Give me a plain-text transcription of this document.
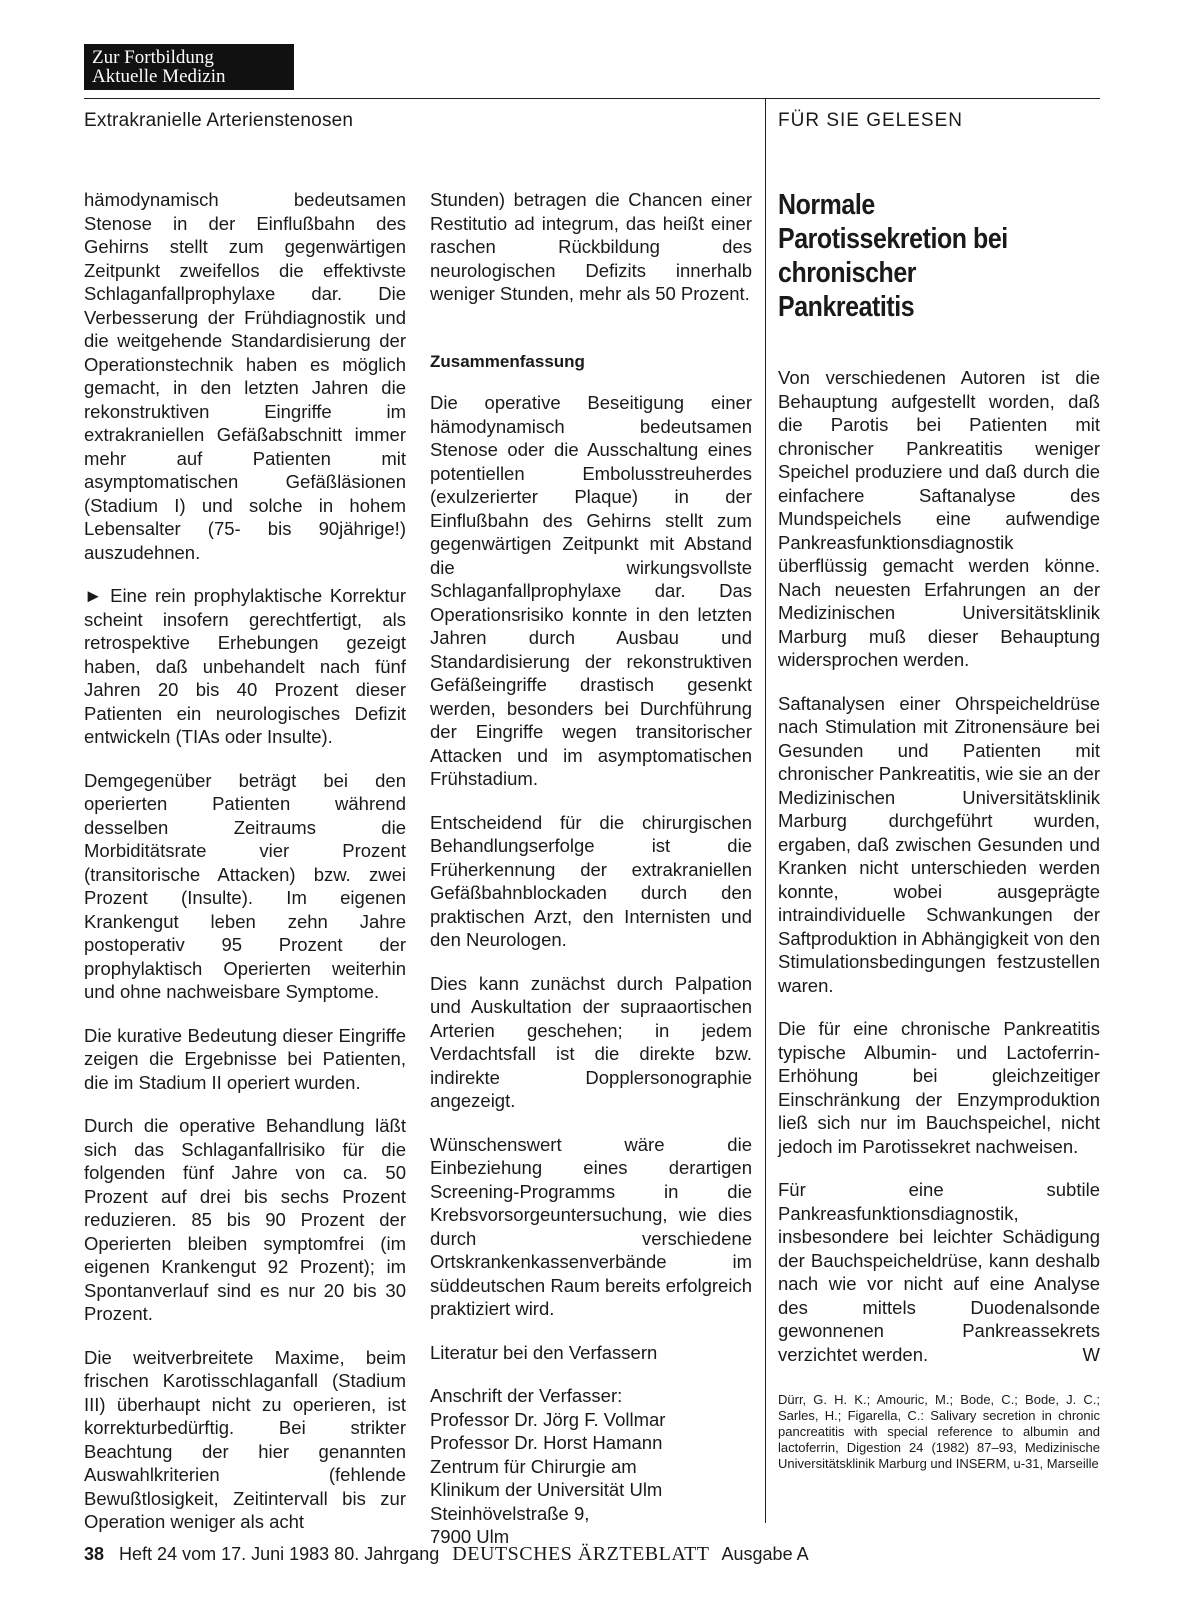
Zur Fortbildung
Aktuelle Medizin
Extrakranielle Arterienstenosen	FÜR SIE GELESEN

hämodynamisch bedeutsamen Stenose in der Einflußbahn des Gehirns stellt zum gegenwärtigen Zeitpunkt zweifellos die effektivste Schlaganfallprophylaxe dar. Die Verbesserung der Frühdiagnostik und die weitgehende Standardisierung der Operationstechnik haben es möglich gemacht, in den letzten Jahren die rekonstruktiven Eingriffe im extrakraniellen Gefäßabschnitt immer mehr auf Patienten mit asymptomatischen Gefäßläsionen (Stadium I) und solche in hohem Lebensalter (75- bis 90jährige!) auszudehnen.

► Eine rein prophylaktische Korrektur scheint insofern gerechtfertigt, als retrospektive Erhebungen gezeigt haben, daß unbehandelt nach fünf Jahren 20 bis 40 Prozent dieser Patienten ein neurologisches Defizit entwickeln (TIAs oder Insulte).

Demgegenüber beträgt bei den operierten Patienten während desselben Zeitraums die Morbiditätsrate vier Prozent (transitorische Attacken) bzw. zwei Prozent (Insulte). Im eigenen Krankengut leben zehn Jahre postoperativ 95 Prozent der prophylaktisch Operierten weiterhin und ohne nachweisbare Symptome.

Die kurative Bedeutung dieser Eingriffe zeigen die Ergebnisse bei Patienten, die im Stadium II operiert wurden.

Durch die operative Behandlung läßt sich das Schlaganfallrisiko für die folgenden fünf Jahre von ca. 50 Prozent auf drei bis sechs Prozent reduzieren. 85 bis 90 Prozent der Operierten bleiben symptomfrei (im eigenen Krankengut 92 Prozent); im Spontanverlauf sind es nur 20 bis 30 Prozent.

Die weitverbreitete Maxime, beim frischen Karotisschlaganfall (Stadium III) überhaupt nicht zu operieren, ist korrekturbedürftig. Bei strikter Beachtung der hier genannten Auswahlkriterien (fehlende Bewußtlosigkeit, Zeitintervall bis zur Operation weniger als acht

Stunden) betragen die Chancen einer Restitutio ad integrum, das heißt einer raschen Rückbildung des neurologischen Defizits innerhalb weniger Stunden, mehr als 50 Prozent.

Zusammenfassung

Die operative Beseitigung einer hämodynamisch bedeutsamen Stenose oder die Ausschaltung eines potentiellen Embolusstreuherdes (exulzerierter Plaque) in der Einflußbahn des Gehirns stellt zum gegenwärtigen Zeitpunkt mit Abstand die wirkungsvollste Schlaganfallprophylaxe dar. Das Operationsrisiko konnte in den letzten Jahren durch Ausbau und Standardisierung der rekonstruktiven Gefäßeingriffe drastisch gesenkt werden, besonders bei Durchführung der Eingriffe wegen transitorischer Attacken und im asymptomatischen Frühstadium.

Entscheidend für die chirurgischen Behandlungserfolge ist die Früherkennung der extrakraniellen Gefäßbahnblockaden durch den praktischen Arzt, den Internisten und den Neurologen.

Dies kann zunächst durch Palpation und Auskultation der supraaortischen Arterien geschehen; in jedem Verdachtsfall ist die direkte bzw. indirekte Dopplersonographie angezeigt.

Wünschenswert wäre die Einbeziehung eines derartigen Screening-Programms in die Krebsvorsorgeuntersuchung, wie dies durch verschiedene Ortskrankenkassenverbände im süddeutschen Raum bereits erfolgreich praktiziert wird.

Literatur bei den Verfassern

Anschrift der Verfasser:
Professor Dr. Jörg F. Vollmar
Professor Dr. Horst Hamann
Zentrum für Chirurgie am
Klinikum der Universität Ulm
Steinhövelstraße 9,
7900 Ulm

Normale Parotissekretion bei chronischer Pankreatitis

Von verschiedenen Autoren ist die Behauptung aufgestellt worden, daß die Parotis bei Patienten mit chronischer Pankreatitis weniger Speichel produziere und daß durch die einfachere Saftanalyse des Mundspeichels eine aufwendige Pankreasfunktionsdiagnostik überflüssig gemacht werden könne. Nach neuesten Erfahrungen an der Medizinischen Universitätsklinik Marburg muß dieser Behauptung widersprochen werden.

Saftanalysen einer Ohrspeicheldrüse nach Stimulation mit Zitronensäure bei Gesunden und Patienten mit chronischer Pankreatitis, wie sie an der Medizinischen Universitätsklinik Marburg durchgeführt wurden, ergaben, daß zwischen Gesunden und Kranken nicht unterschieden werden konnte, wobei ausgeprägte intraindividuelle Schwankungen der Saftproduktion in Abhängigkeit von den Stimulationsbedingungen festzustellen waren.

Die für eine chronische Pankreatitis typische Albumin- und Lactoferrin-Erhöhung bei gleichzeitiger Einschränkung der Enzymproduktion ließ sich nur im Bauchspeichel, nicht jedoch im Parotissekret nachweisen.

Für eine subtile Pankreasfunktionsdiagnostik, insbesondere bei leichter Schädigung der Bauchspeicheldrüse, kann deshalb nach wie vor nicht auf eine Analyse des mittels Duodenalsonde gewonnenen Pankreassekrets verzichtet werden.	W

Dürr, G. H. K.; Amouric, M.; Bode, C.; Bode, J. C.; Sarles, H.; Figarella, C.: Salivary secretion in chronic pancreatitis with special reference to albumin and lactoferrin, Digestion 24 (1982) 87–93, Medizinische Universitätsklinik Marburg und INSERM, u-31, Marseille

38 Heft 24 vom 17. Juni 1983 80. Jahrgang DEUTSCHES ÄRZTEBLATT Ausgabe A
